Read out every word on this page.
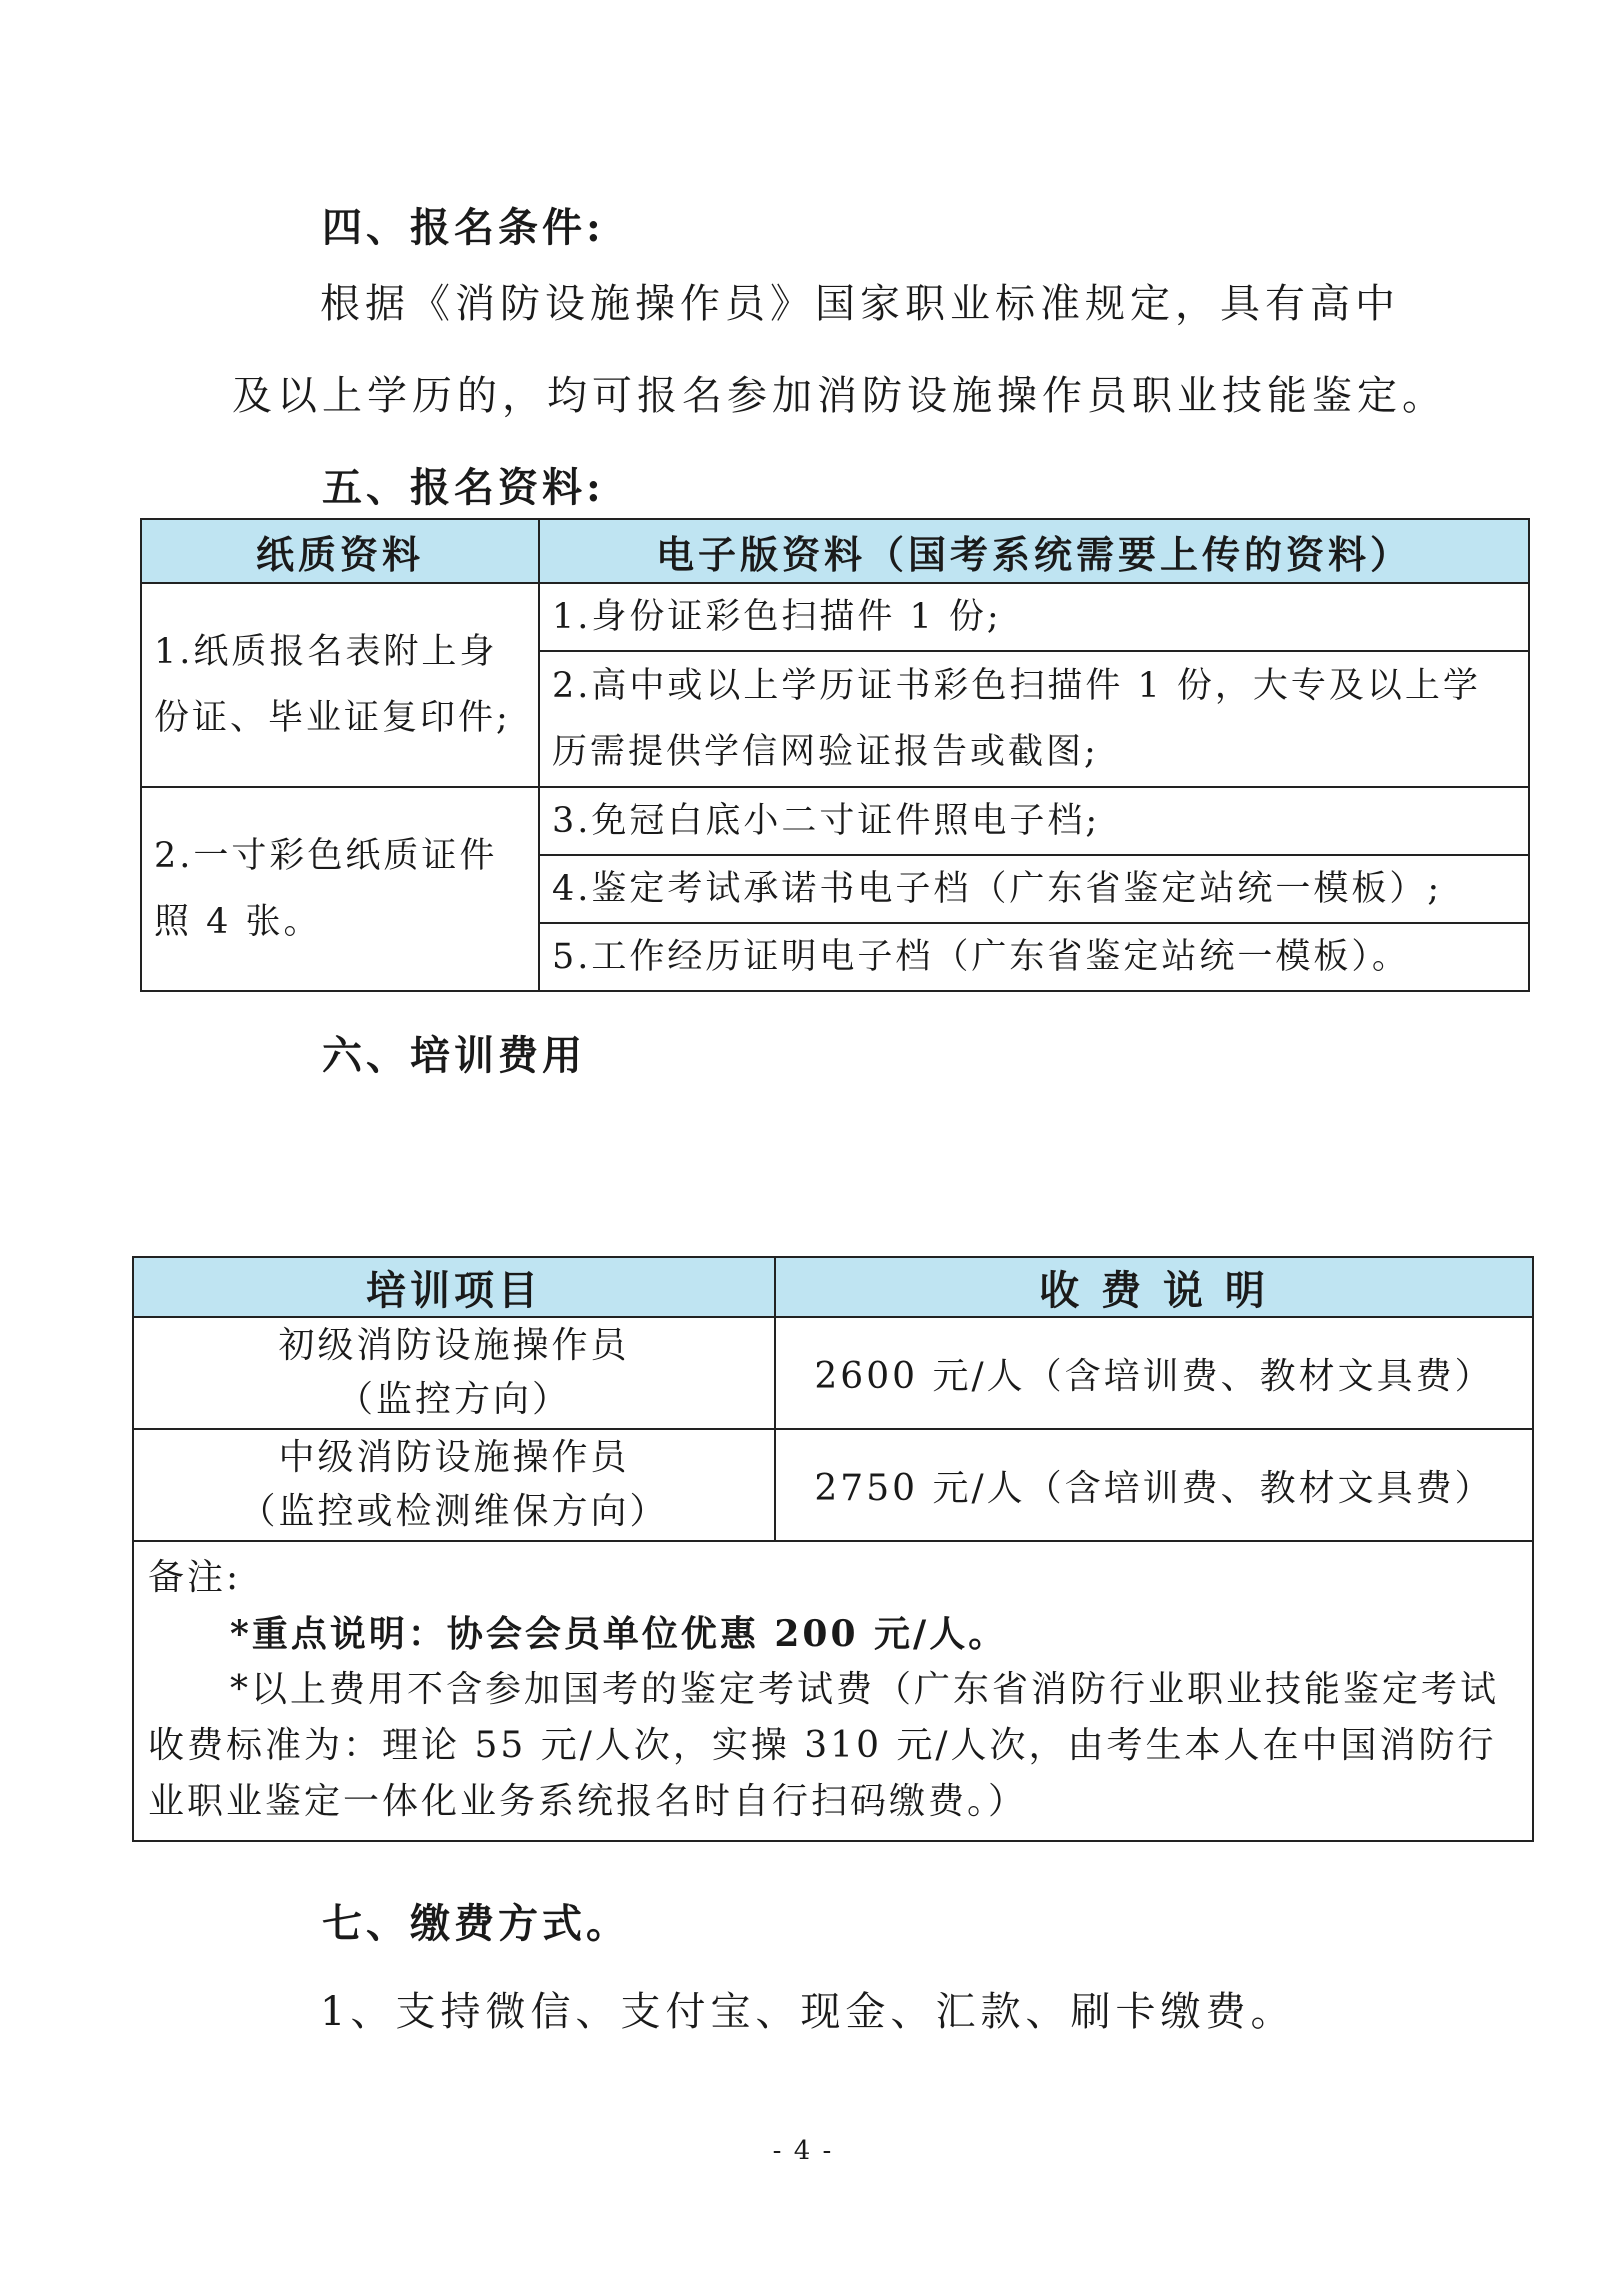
四、报名条件:
根据《消防设施操作员》国家职业标准规定，具有高中
及以上学历的，均可报名参加消防设施操作员职业技能鉴定。
五、报名资料:
纸质资料	电子版资料（国考系统需要上传的资料）
1.纸质报名表附上身份证、毕业证复印件;	1.身份证彩色扫描件 1 份;
	2.高中或以上学历证书彩色扫描件 1 份，大专及以上学历需提供学信网验证报告或截图;
2.一寸彩色纸质证件照 4 张。	3.免冠白底小二寸证件照电子档;
	4.鉴定考试承诺书电子档（广东省鉴定站统一模板）;
	5.工作经历证明电子档（广东省鉴定站统一模板）。
六、培训费用
培训项目	收 费 说 明

初级消防设施操作员
（监控方向）	2600 元/人（含培训费、教材文具费）

中级消防设施操作员
（监控或检测维保方向）	2750 元/人（含培训费、教材文具费）

备注:
*重点说明：协会会员单位优惠 200 元/人。
*以上费用不含参加国考的鉴定考试费（广东省消防行业职业技能鉴定考试收费标准为：理论 55 元/人次，实操 310 元/人次，由考生本人在中国消防行业职业鉴定一体化业务系统报名时自行扫码缴费。）	
七、缴费方式。
1、支持微信、支付宝、现金、汇款、刷卡缴费。
- 4 -
